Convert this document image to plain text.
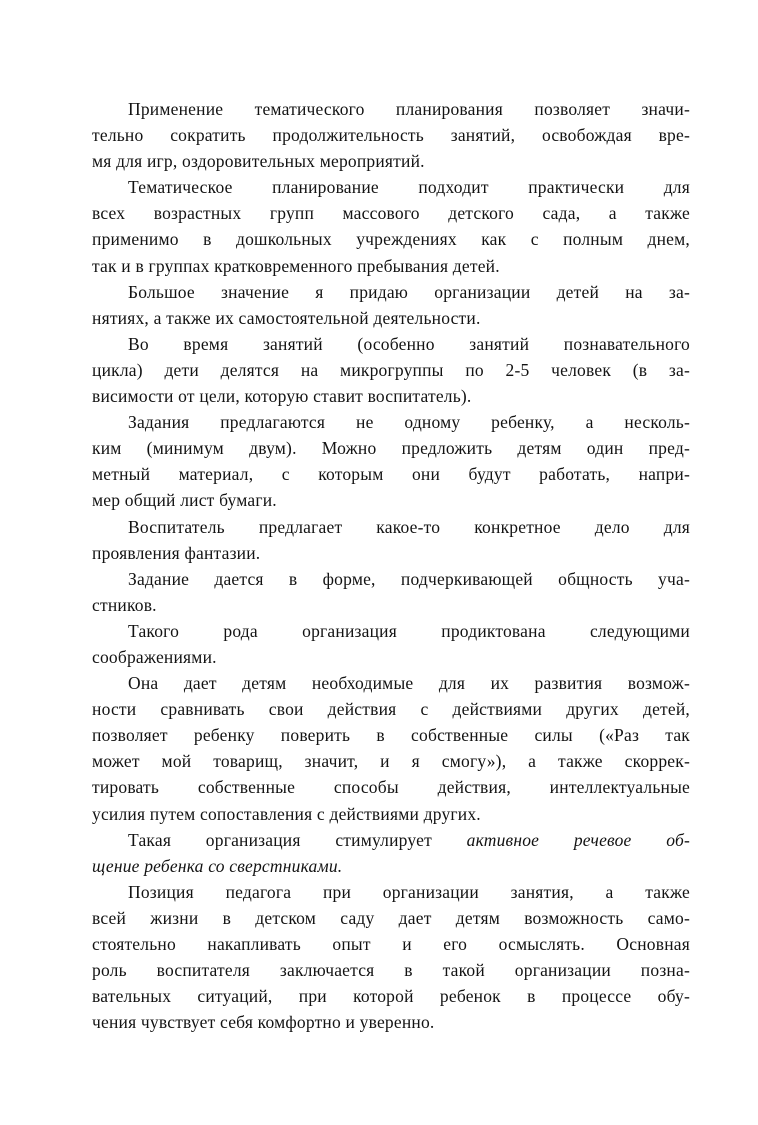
Применение тематического планирования позволяет значи-
тельно сократить продолжительность занятий, освобождая вре-
мя для игр, оздоровительных мероприятий.
Тематическое планирование подходит практически для
всех возрастных групп массового детского сада, а также
применимо в дошкольных учреждениях как с полным днем,
так и в группах кратковременного пребывания детей.
Большое значение я придаю организации детей на за-
нятиях, а также их самостоятельной деятельности.
Во время занятий (особенно занятий познавательного
цикла) дети делятся на микрогруппы по 2-5 человек (в за-
висимости от цели, которую ставит воспитатель).
Задания предлагаются не одному ребенку, а несколь-
ким (минимум двум). Можно предложить детям один пред-
метный материал, с которым они будут работать, напри-
мер общий лист бумаги.
Воспитатель предлагает какое-то конкретное дело для
проявления фантазии.
Задание дается в форме, подчеркивающей общность уча-
стников.
Такого рода организация продиктована следующими
соображениями.
Она дает детям необходимые для их развития возмож-
ности сравнивать свои действия с действиями других детей,
позволяет ребенку поверить в собственные силы («Раз так
может мой товарищ, значит, и я смогу»), а также скоррек-
тировать собственные способы действия, интеллектуальные
усилия путем сопоставления с действиями других.
Такая организация стимулирует активное речевое об-
щение ребенка со сверстниками.
Позиция педагога при организации занятия, а также
всей жизни в детском саду дает детям возможность само-
стоятельно накапливать опыт и его осмыслять. Основная
роль воспитателя заключается в такой организации позна-
вательных ситуаций, при которой ребенок в процессе обу-
чения чувствует себя комфортно и уверенно.
